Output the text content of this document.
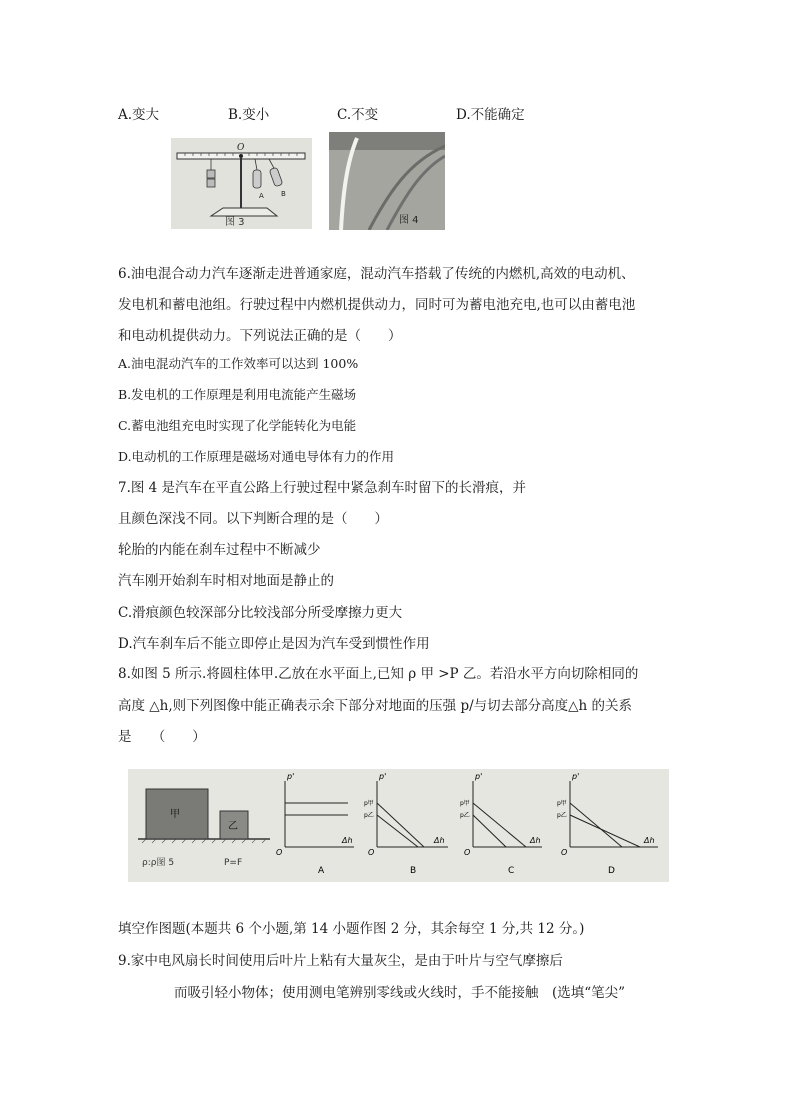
A.变大	B.变小	C.不变	D.不能确定
O
A B
图 3	图 4
6.油电混合动力汽车逐渐走进普通家庭，混动汽车搭载了传统的内燃机,高效的电动机、
发电机和蓄电池组。行驶过程中内燃机提供动力，同时可为蓄电池充电,也可以由蓄电池
和电动机提供动力。下列说法正确的是（　　）
A.油电混动汽车的工作效率可以达到 100%
B.发电机的工作原理是利用电流能产生磁场
C.蓄电池组充电时实现了化学能转化为电能
D.电动机的工作原理是磁场对通电导体有力的作用
7.图 4 是汽车在平直公路上行驶过程中紧急刹车时留下的长滑痕，并
且颜色深浅不同。以下判断合理的是（　　）
轮胎的内能在刹车过程中不断减少
汽车刚开始刹车时相对地面是静止的
C.滑痕颜色较深部分比较浅部分所受摩擦力更大
D.汽车刹车后不能立即停止是因为汽车受到惯性作用
8.如图 5 所示.将圆柱体甲.乙放在水平面上,已知 ρ 甲 >P 乙。若沿水平方向切除相同的
高度 △h,则下列图像中能正确表示余下部分对地面的压强 p/与切去部分高度△h 的关系
是　　（　　）
甲
乙
ρ:ρ图 5	P=F
p'
Δh
O
A
p甲
p乙
p'
Δh
O
B
p甲
p乙
p'
Δh
O
C
p甲
p乙
p'
Δh
O
D
填空作图题(本题共 6 个小题,第 14 小题作图 2 分，其余每空 1 分,共 12 分。)
9.家中电风扇长时间使用后叶片上粘有大量灰尘，是由于叶片与空气摩擦后
而吸引轻小物体；使用测电笔辨别零线或火线时，手不能接触　(选填“笔尖”
